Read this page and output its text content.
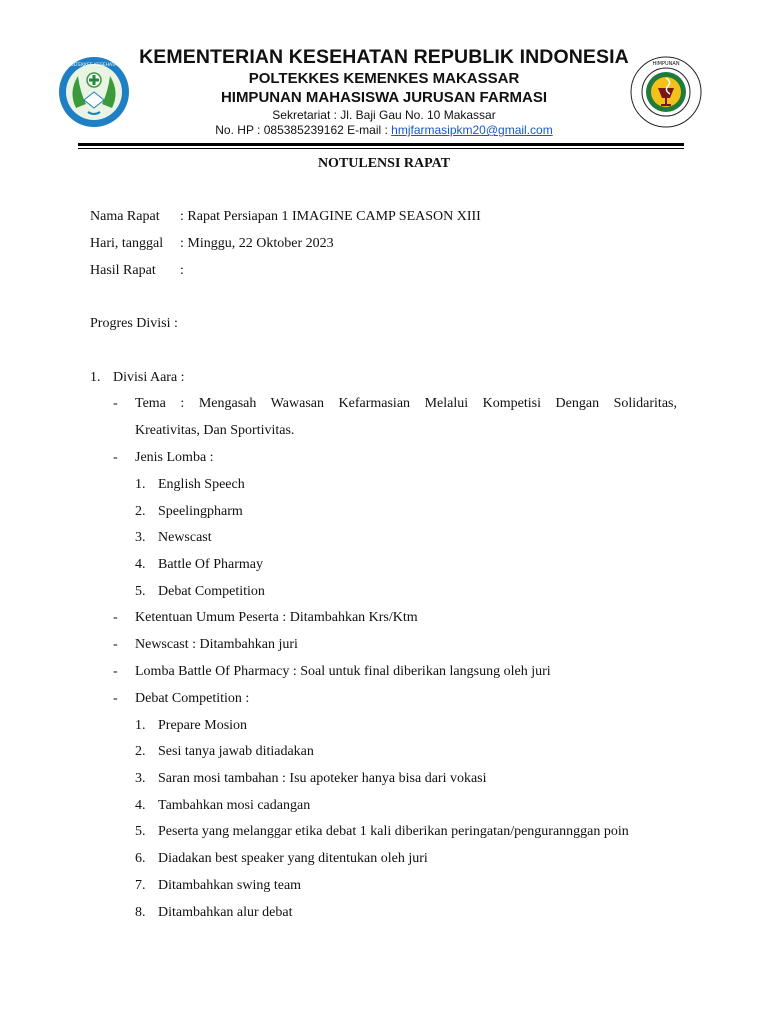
POLTEKKES KESEHATAN	HIMPUNAN
KEMENTERIAN KESEHATAN REPUBLIK INDONESIA
POLTEKKES KEMENKES MAKASSAR
HIMPUNAN MAHASISWA JURUSAN FARMASI
Sekretariat : Jl. Baji Gau No. 10 Makassar
No. HP : 085385239162 E-mail : hmjfarmasipkm20@gmail.com
NOTULENSI RAPAT
Nama Rapat : Rapat Persiapan 1 IMAGINE CAMP SEASON XIII
Hari, tanggal : Minggu, 22 Oktober 2023
Hasil Rapat :
Progres Divisi :
1. Divisi Aara :
- Tema : Mengasah Wawasan Kefarmasian Melalui Kompetisi Dengan Solidaritas,
Kreativitas, Dan Sportivitas.
- Jenis Lomba :
1. English Speech
2. Speelingpharm
3. Newscast
4. Battle Of Pharmay
5. Debat Competition
- Ketentuan Umum Peserta : Ditambahkan Krs/Ktm
- Newscast : Ditambahkan juri
- Lomba Battle Of Pharmacy : Soal untuk final diberikan langsung oleh juri
- Debat Competition :
1. Prepare Mosion
2. Sesi tanya jawab ditiadakan
3. Saran mosi tambahan : Isu apoteker hanya bisa dari vokasi
4. Tambahkan mosi cadangan
5. Peserta yang melanggar etika debat 1 kali diberikan peringatan/pengurannggan poin
6. Diadakan best speaker yang ditentukan oleh juri
7. Ditambahkan swing team
8. Ditambahkan alur debat
